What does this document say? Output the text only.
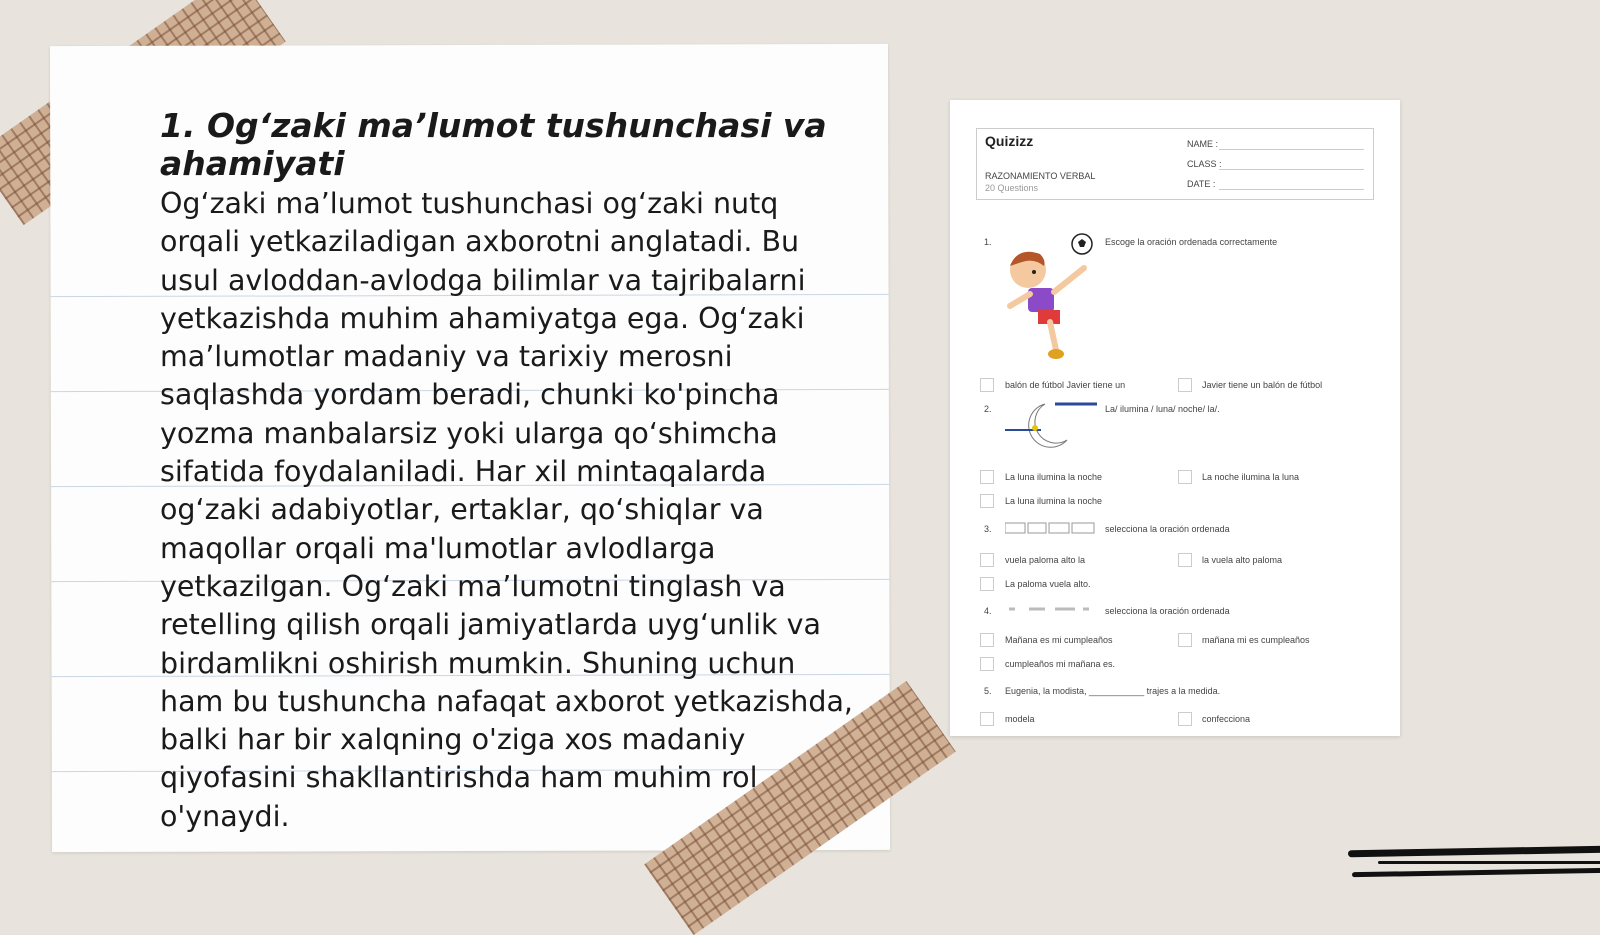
1. Og‘zaki ma’lumot tushunchasi va ahamiyati

Og‘zaki ma’lumot tushunchasi og‘zaki nutq orqali yetkaziladigan axborotni anglatadi. Bu usul avloddan-avlodga bilimlar va tajribalarni yetkazishda muhim ahamiyatga ega. Og‘zaki ma’lumotlar madaniy va tarixiy merosni saqlashda yordam beradi, chunki ko'pincha yozma manbalarsiz yoki ularga qo‘shimcha sifatida foydalaniladi. Har xil mintaqalarda og‘zaki adabiyotlar, ertaklar, qo‘shiqlar va maqollar orqali ma'lumotlar avlodlarga yetkazilgan. Og‘zaki ma’lumotni tinglash va retelling qilish orqali jamiyatlarda uyg‘unlik va birdamlikni oshirish mumkin. Shuning uchun ham bu tushuncha nafaqat axborot yetkazishda, balki har bir xalqning o'ziga xos madaniy qiyofasini shakllantirishda ham muhim rol o'ynaydi.

Quizizz
RAZONAMIENTO VERBAL
20 Questions
NAME :
CLASS :
DATE :
1.	Escoge la oración ordenada correctamente
balón de fútbol Javier tiene un	Javier tiene un balón de fútbol
2.	La/ ilumina / luna/ noche/ la/.
La luna ilumina la noche	La noche ilumina la luna
La luna ilumina la noche
3.	selecciona la oración ordenada
vuela paloma alto la	la vuela alto paloma
La paloma vuela alto.
4.	selecciona la oración ordenada
Mañana es mi cumpleaños	mañana mi es cumpleaños
cumpleaños mi mañana es.
5. Eugenia, la modista, ___________ trajes a la medida.
modela	confecciona
